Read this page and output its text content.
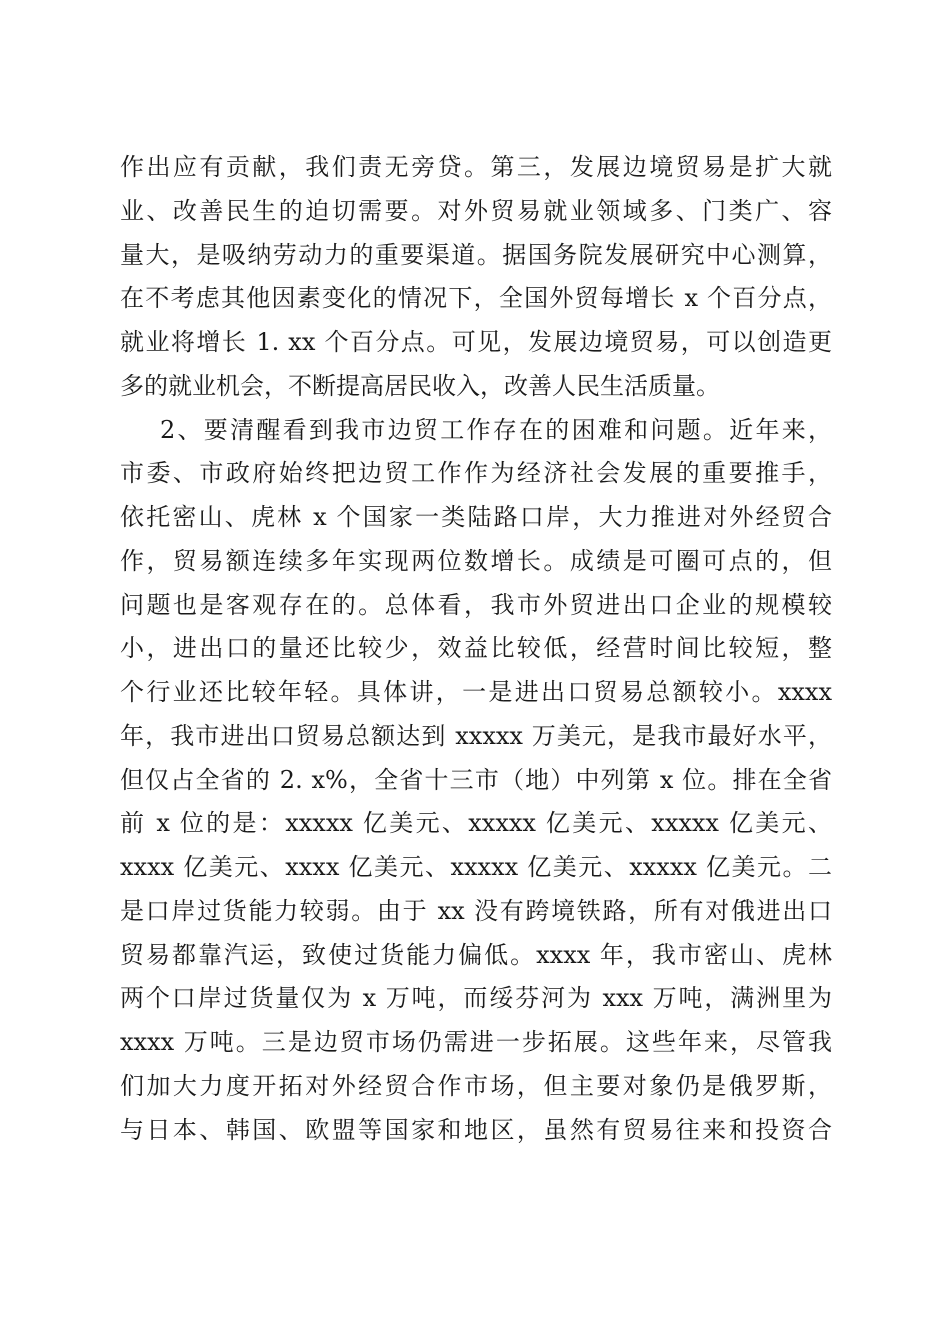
作出应有贡献，我们责无旁贷。第三，发展边境贸易是扩大就
业、改善民生的迫切需要。对外贸易就业领域多、门类广、容
量大，是吸纳劳动力的重要渠道。据国务院发展研究中心测算，
在不考虑其他因素变化的情况下，全国外贸每增长 x 个百分点，
就业将增长 1. xx 个百分点。可见，发展边境贸易，可以创造更
多的就业机会，不断提高居民收入，改善人民生活质量。
2、要清醒看到我市边贸工作存在的困难和问题。近年来，
市委、市政府始终把边贸工作作为经济社会发展的重要推手，
依托密山、虎林 x 个国家一类陆路口岸，大力推进对外经贸合
作，贸易额连续多年实现两位数增长。成绩是可圈可点的，但
问题也是客观存在的。总体看，我市外贸进出口企业的规模较
小，进出口的量还比较少，效益比较低，经营时间比较短，整
个行业还比较年轻。具体讲，一是进出口贸易总额较小。xxxx
年，我市进出口贸易总额达到 xxxxx 万美元，是我市最好水平，
但仅占全省的 2. x%，全省十三市（地）中列第 x 位。排在全省
前 x 位的是：xxxxx 亿美元、xxxxx 亿美元、xxxxx 亿美元、
xxxx 亿美元、xxxx 亿美元、xxxxx 亿美元、xxxxx 亿美元。二
是口岸过货能力较弱。由于 xx 没有跨境铁路，所有对俄进出口
贸易都靠汽运，致使过货能力偏低。xxxx 年，我市密山、虎林
两个口岸过货量仅为 x 万吨，而绥芬河为 xxx 万吨，满洲里为
xxxx 万吨。三是边贸市场仍需进一步拓展。这些年来，尽管我
们加大力度开拓对外经贸合作市场，但主要对象仍是俄罗斯，
与日本、韩国、欧盟等国家和地区，虽然有贸易往来和投资合
